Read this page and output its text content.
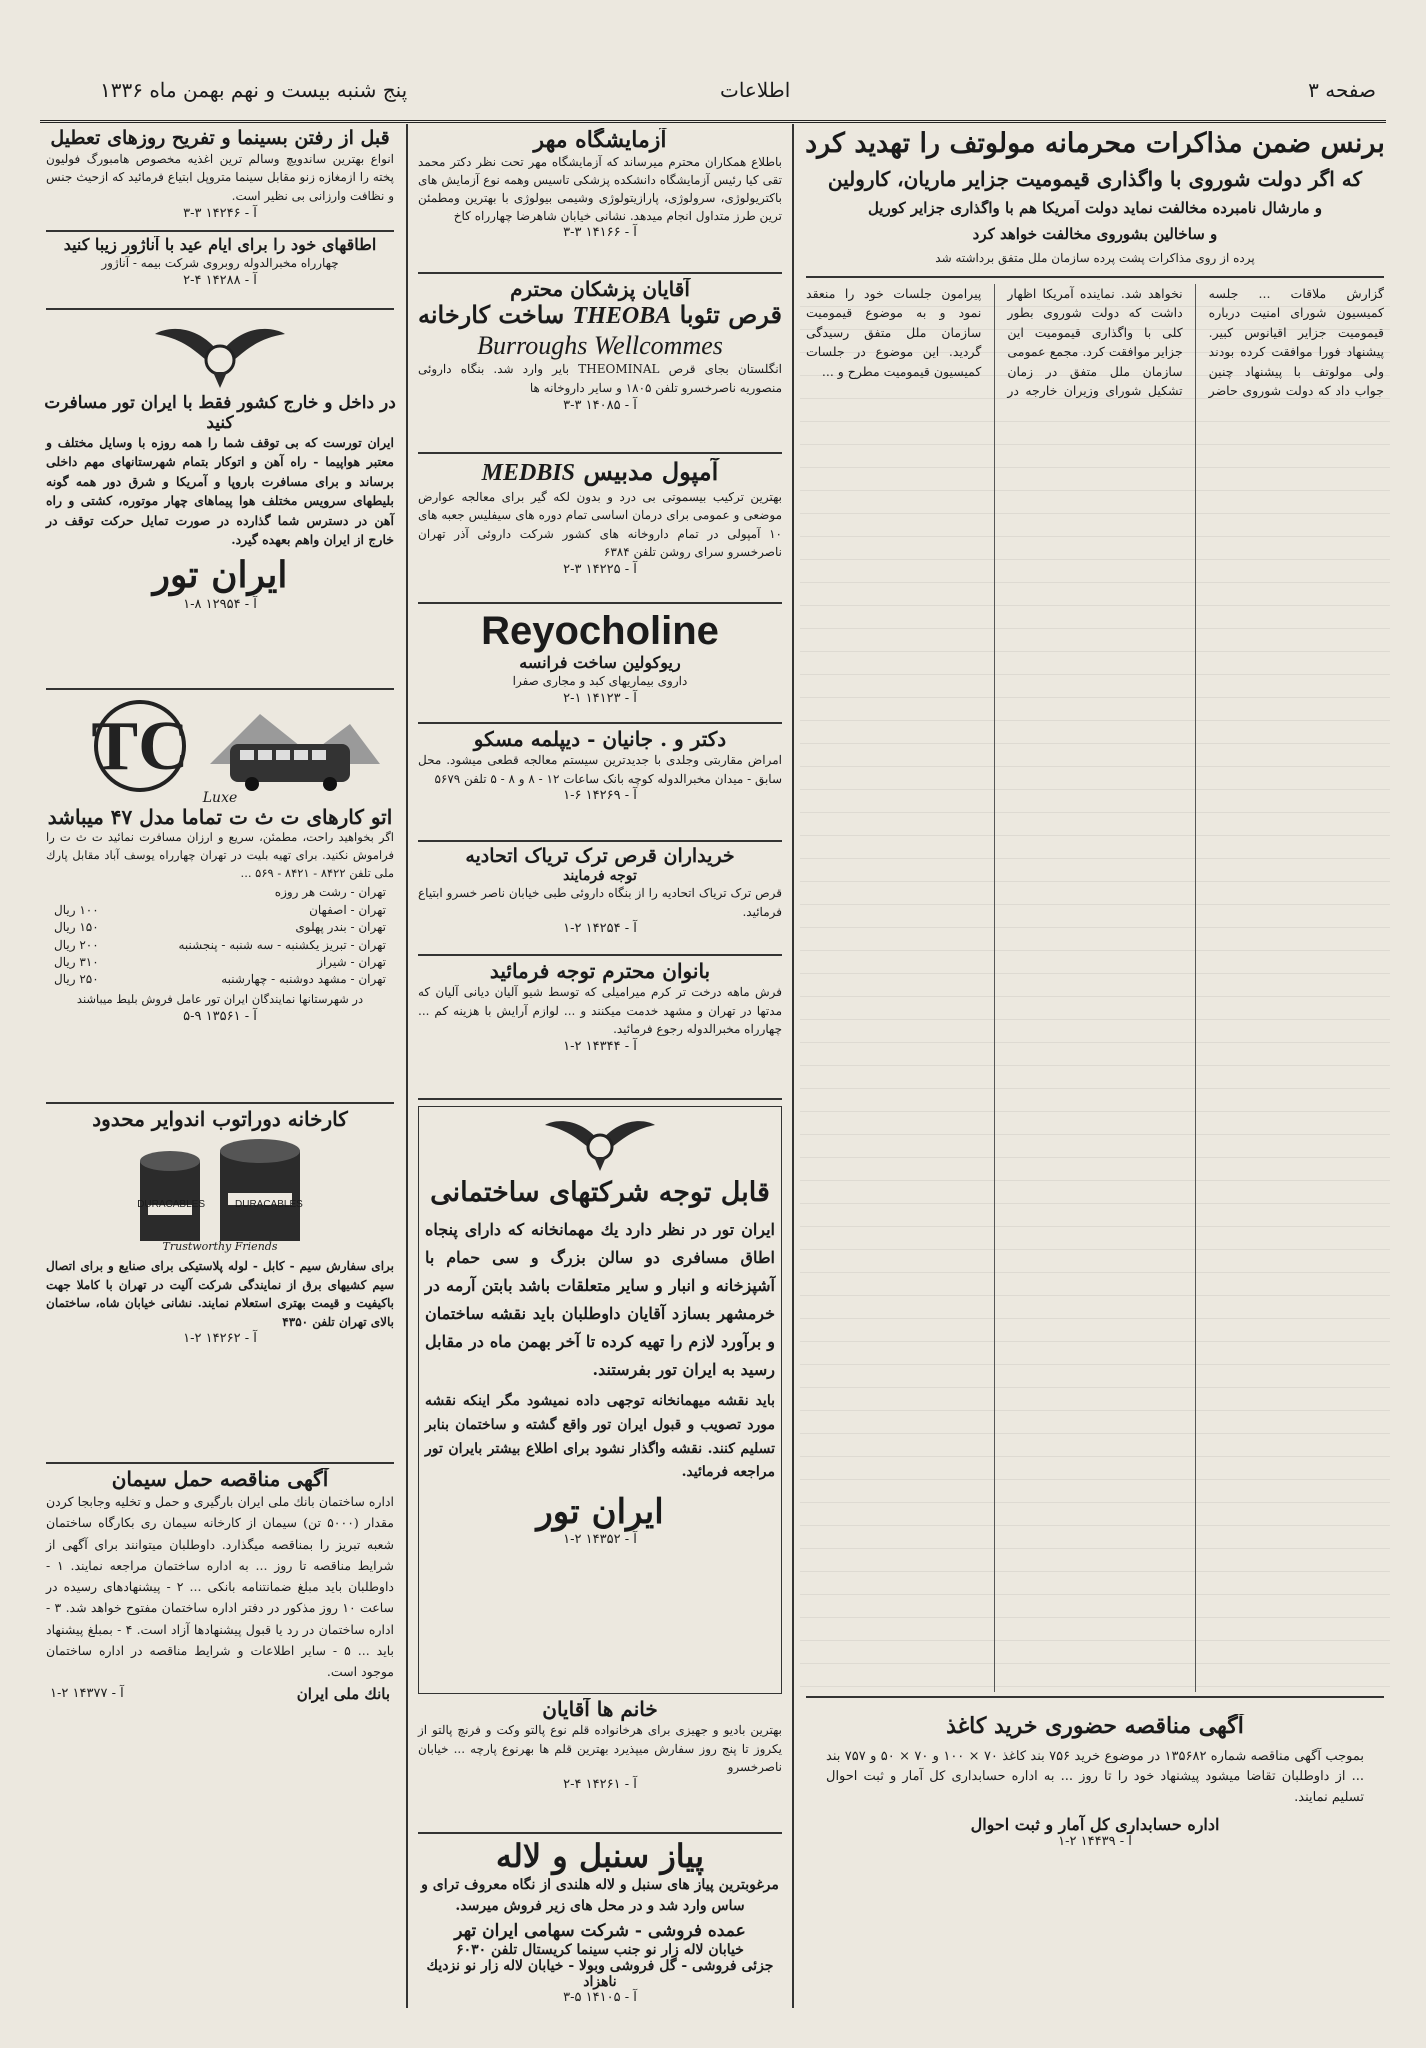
صفحه ۳
اطلاعات
پنج شنبه بیست و نهم بهمن ماه ۱۳۳۶
برنس ضمن مذاکرات محرمانه مولوتف را تهدید کرد
که اگر دولت شوروی با واگذاری قیمومیت جزایر ماریان، کارولین
و مارشال نامبرده مخالفت نماید دولت آمریکا هم با واگذاری جزایر کوریل
و ساخالین بشوروی مخالفت خواهد کرد
پرده از روی مذاکرات پشت پرده سازمان ملل متفق برداشته شد
گزارش ملاقات ... جلسه کمیسیون شورای امنیت درباره قیمومیت جزایر اقیانوس کبیر. پیشنهاد فورا موافقت کرده بودند ولی مولوتف با پیشنهاد چنین جواب داد که دولت شوروی حاضر نخواهد شد. نماینده آمریکا اظهار داشت که دولت شوروی بطور کلی با واگذاری قیمومیت این جزایر موافقت کرد. مجمع عمومی سازمان ملل متفق در زمان تشکیل شورای وزیران خارجه در پیرامون جلسات خود را منعقد نمود و به موضوع قیمومیت سازمان ملل متفق رسیدگی گردید. این موضوع در جلسات کمیسیون قیمومیت مطرح و ...
آگهی مناقصه حضوری خرید کاغذ
بموجب آگهی مناقصه شماره ۱۳۵۶۸۲ در موضوع خرید ۷۵۶ بند کاغذ ۷۰ × ۱۰۰ و ۷۰ × ۵۰ و ۷۵۷ بند ... از داوطلبان تقاضا میشود پیشنهاد خود را تا روز ... به اداره حسابداری کل آمار و ثبت احوال تسلیم نمایند.
اداره حسابداری کل آمار و ثبت احوال
آ - ۱۴۴۳۹ ۲-۱
آزمایشگاه مهر
باطلاع همکاران محترم میرساند که آزمایشگاه مهر تحت نظر دکتر محمد تقی کیا رئیس آزمایشگاه دانشکده پزشکی تاسیس وهمه نوع آزمایش های باکتریولوژی، سرولوژی، پارازیتولوژی وشیمی بیولوژی با بهترین ومطمئن ترین طرز متداول انجام میدهد. نشانی خیابان شاهرضا چهارراه کاخ
آ - ۱۴۱۶۶ ۳-۳
آقایان پزشکان محترم
قرص تئوبا THEOBA ساخت کارخانه
Burroughs Wellcommes
انگلستان بجای قرص THEOMINAL بایر وارد شد. بنگاه داروئی منصوریه ناصرخسرو تلفن ۱۸۰۵ و سایر داروخانه ها
آ - ۱۴۰۸۵ ۳-۳
آمپول مدبیس MEDBIS
بهترین ترکیب بیسموتی بی درد و بدون لکه گیر برای معالجه عوارض موضعی و عمومی برای درمان اساسی تمام دوره های سیفلیس جعبه های ۱۰ آمپولی در تمام داروخانه های کشور شرکت داروئی آذر تهران ناصرخسرو سرای روشن تلفن ۶۳۸۴
آ - ۱۴۲۲۵ ۳-۲
Reyocholine
ریوکولین ساخت فرانسه
داروی بیماریهای کبد و مجاری صفرا
آ - ۱۴۱۲۳ ۱-۲
دکتر و . جانیان - دیپلمه مسکو
امراض مقاربتی وجلدی با جدیدترین سیستم معالجه قطعی میشود. محل سابق - میدان مخبرالدوله کوچه بانک ساعات ۱۲ - ۸ و ۸ - ۵ تلفن ۵۶۷۹
آ - ۱۴۲۶۹ ۶-۱
خریداران قرص ترک تریاک اتحادیه
توجه فرمایند
قرص ترک تریاک اتحادیه را از بنگاه داروئی طبی خیابان ناصر خسرو ابتیاع فرمائید.
آ - ۱۴۲۵۴ ۲-۱
بانوان محترم توجه فرمائید
فرش ماهه درخت تر کرم میرامیلی که توسط شیو آلیان دیانی آلیان که مدتها در تهران و مشهد خدمت میکنند و ... لوازم آرایش با هزینه کم ... چهارراه مخبرالدوله رجوع فرمائید.
آ - ۱۴۳۴۴ ۲-۱
قابل توجه شرکتهای ساختمانی
ایران تور در نظر دارد یك مهمانخانه که دارای پنجاه اطاق مسافری دو سالن بزرگ و سی حمام با آشپزخانه و انبار و سایر متعلقات باشد بابتن آرمه در خرمشهر بسازد آقایان داوطلبان باید نقشه ساختمان و برآورد لازم را تهیه کرده تا آخر بهمن ماه در مقابل رسید به ایران تور بفرستند.
باید نقشه میهمانخانه توجهی داده نمیشود مگر اینکه نقشه مورد تصویب و قبول ایران تور واقع گشته و ساختمان بنابر تسلیم کنند. نقشه واگذار نشود برای اطلاع بیشتر بایران تور مراجعه فرمائید.
ایران تور
آ - ۱۴۳۵۲ ۲-۱
خانم ها آقایان
بهترین بادیو و جهیزی برای هرخانواده قلم نوع پالتو وکت و فرنچ پالتو از یکروز تا پنج روز سفارش میپذیرد بهترین قلم ها بهرنوع پارچه ... خیابان ناصرخسرو
آ - ۱۴۲۶۱ ۴-۲
پیاز سنبل و لاله
مرغوبترین پیاز های سنبل و لاله هلندی از نگاه معروف ترای و ساس وارد شد و در محل های زیر فروش میرسد.
عمده فروشی - شرکت سهامی ایران تهر
خیابان لاله زار نو جنب سینما کریستال تلفن ۶۰۳۰
جزئی فروشی - گل فروشی وبولا - خیابان لاله زار نو نزدیك ناهزاد
آ - ۱۴۱۰۵ ۵-۳
قبل از رفتن بسینما و تفریح روزهای تعطیل
انواع بهترین ساندویچ وسالم ترین اغذیه مخصوص هامبورگ فولیون پخته را ازمغازه زنو مقابل سینما متروپل ابتیاع فرمائید که ازحیث جنس و نظافت وارزانی بی نظیر است.
آ - ۱۴۲۴۶ ۳-۳
اطاقهای خود را برای ایام عید با آناژور زیبا کنید
چهارراه مخبرالدوله روبروی شرکت بیمه - آناژور
آ - ۱۴۲۸۸ ۴-۲
در داخل و خارج کشور فقط با ایران تور مسافرت کنید
ایران تورست که بی توقف شما را همه روزه با وسایل مختلف و معتبر هواپیما - راه آهن و اتوکار بتمام شهرستانهای مهم داخلی برساند و برای مسافرت باروپا و آمریکا و شرق دور همه گونه بلیطهای سرویس مختلف هوا پیماهای چهار موتوره، کشتی و راه آهن در دسترس شما گذارده در صورت تمایل حرکت توقف در خارج از ایران واهم بعهده گیرد.
ایران تور
آ - ۱۲۹۵۴ ۸-۱
TC
Luxe
اتو کارهای ت ث ت تماما مدل ۴۷ میباشد
اگر بخواهید راحت، مطمئن، سریع و ارزان مسافرت نمائید ت ث ت را فراموش نکنید. برای تهیه بلیت در تهران چهارراه یوسف آباد مقابل پارك ملی تلفن ۸۴۲۲ - ۸۴۲۱ - ۵۶۹ ...
تهران - رشت هر روزه
تهران - اصفهان
۱۰۰ ریال
تهران - بندر پهلوی
۱۵۰ ریال
تهران - تبریز یکشنبه - سه شنبه - پنجشنبه
۲۰۰ ریال
تهران - شیراز
۳۱۰ ریال
تهران - مشهد دوشنبه - چهارشنبه
۲۵۰ ریال
در شهرستانها نمایندگان ایران تور عامل فروش بلیط میباشند
آ - ۱۳۵۶۱ ۹-۵
کارخانه دوراتوب اندوایر محدود
DURACABLES	DURACABLES
Trustworthy Friends
برای سفارش سیم - کابل - لوله پلاستیکی برای صنایع و برای اتصال سیم کشیهای برق از نمایندگی شرکت آلیت در تهران با کاملا جهت باکیفیت و قیمت بهتری استعلام نمایند. نشانی خیابان شاه، ساختمان بالای تهران تلفن ۴۳۵۰
آ - ۱۴۲۶۲ ۲-۱
آگهی مناقصه حمل سیمان
اداره ساختمان بانك ملی ایران بارگیری و حمل و تخلیه وجابجا کردن مقدار (۵۰۰۰ تن) سیمان از کارخانه سیمان ری بکارگاه ساختمان شعبه تبریز را بمناقصه میگذارد. داوطلبان میتوانند برای آگهی از شرایط مناقصه تا روز ... به اداره ساختمان مراجعه نمایند. ۱ - داوطلبان باید مبلغ ضمانتنامه بانکی ... ۲ - پیشنهادهای رسیده در ساعت ۱۰ روز مذکور در دفتر اداره ساختمان مفتوح خواهد شد. ۳ - اداره ساختمان در رد یا قبول پیشنهادها آزاد است. ۴ - بمبلغ پیشنهاد باید ... ۵ - سایر اطلاعات و شرایط مناقصه در اداره ساختمان موجود است.
بانك ملی ایران
آ - ۱۴۳۷۷ ۲-۱
